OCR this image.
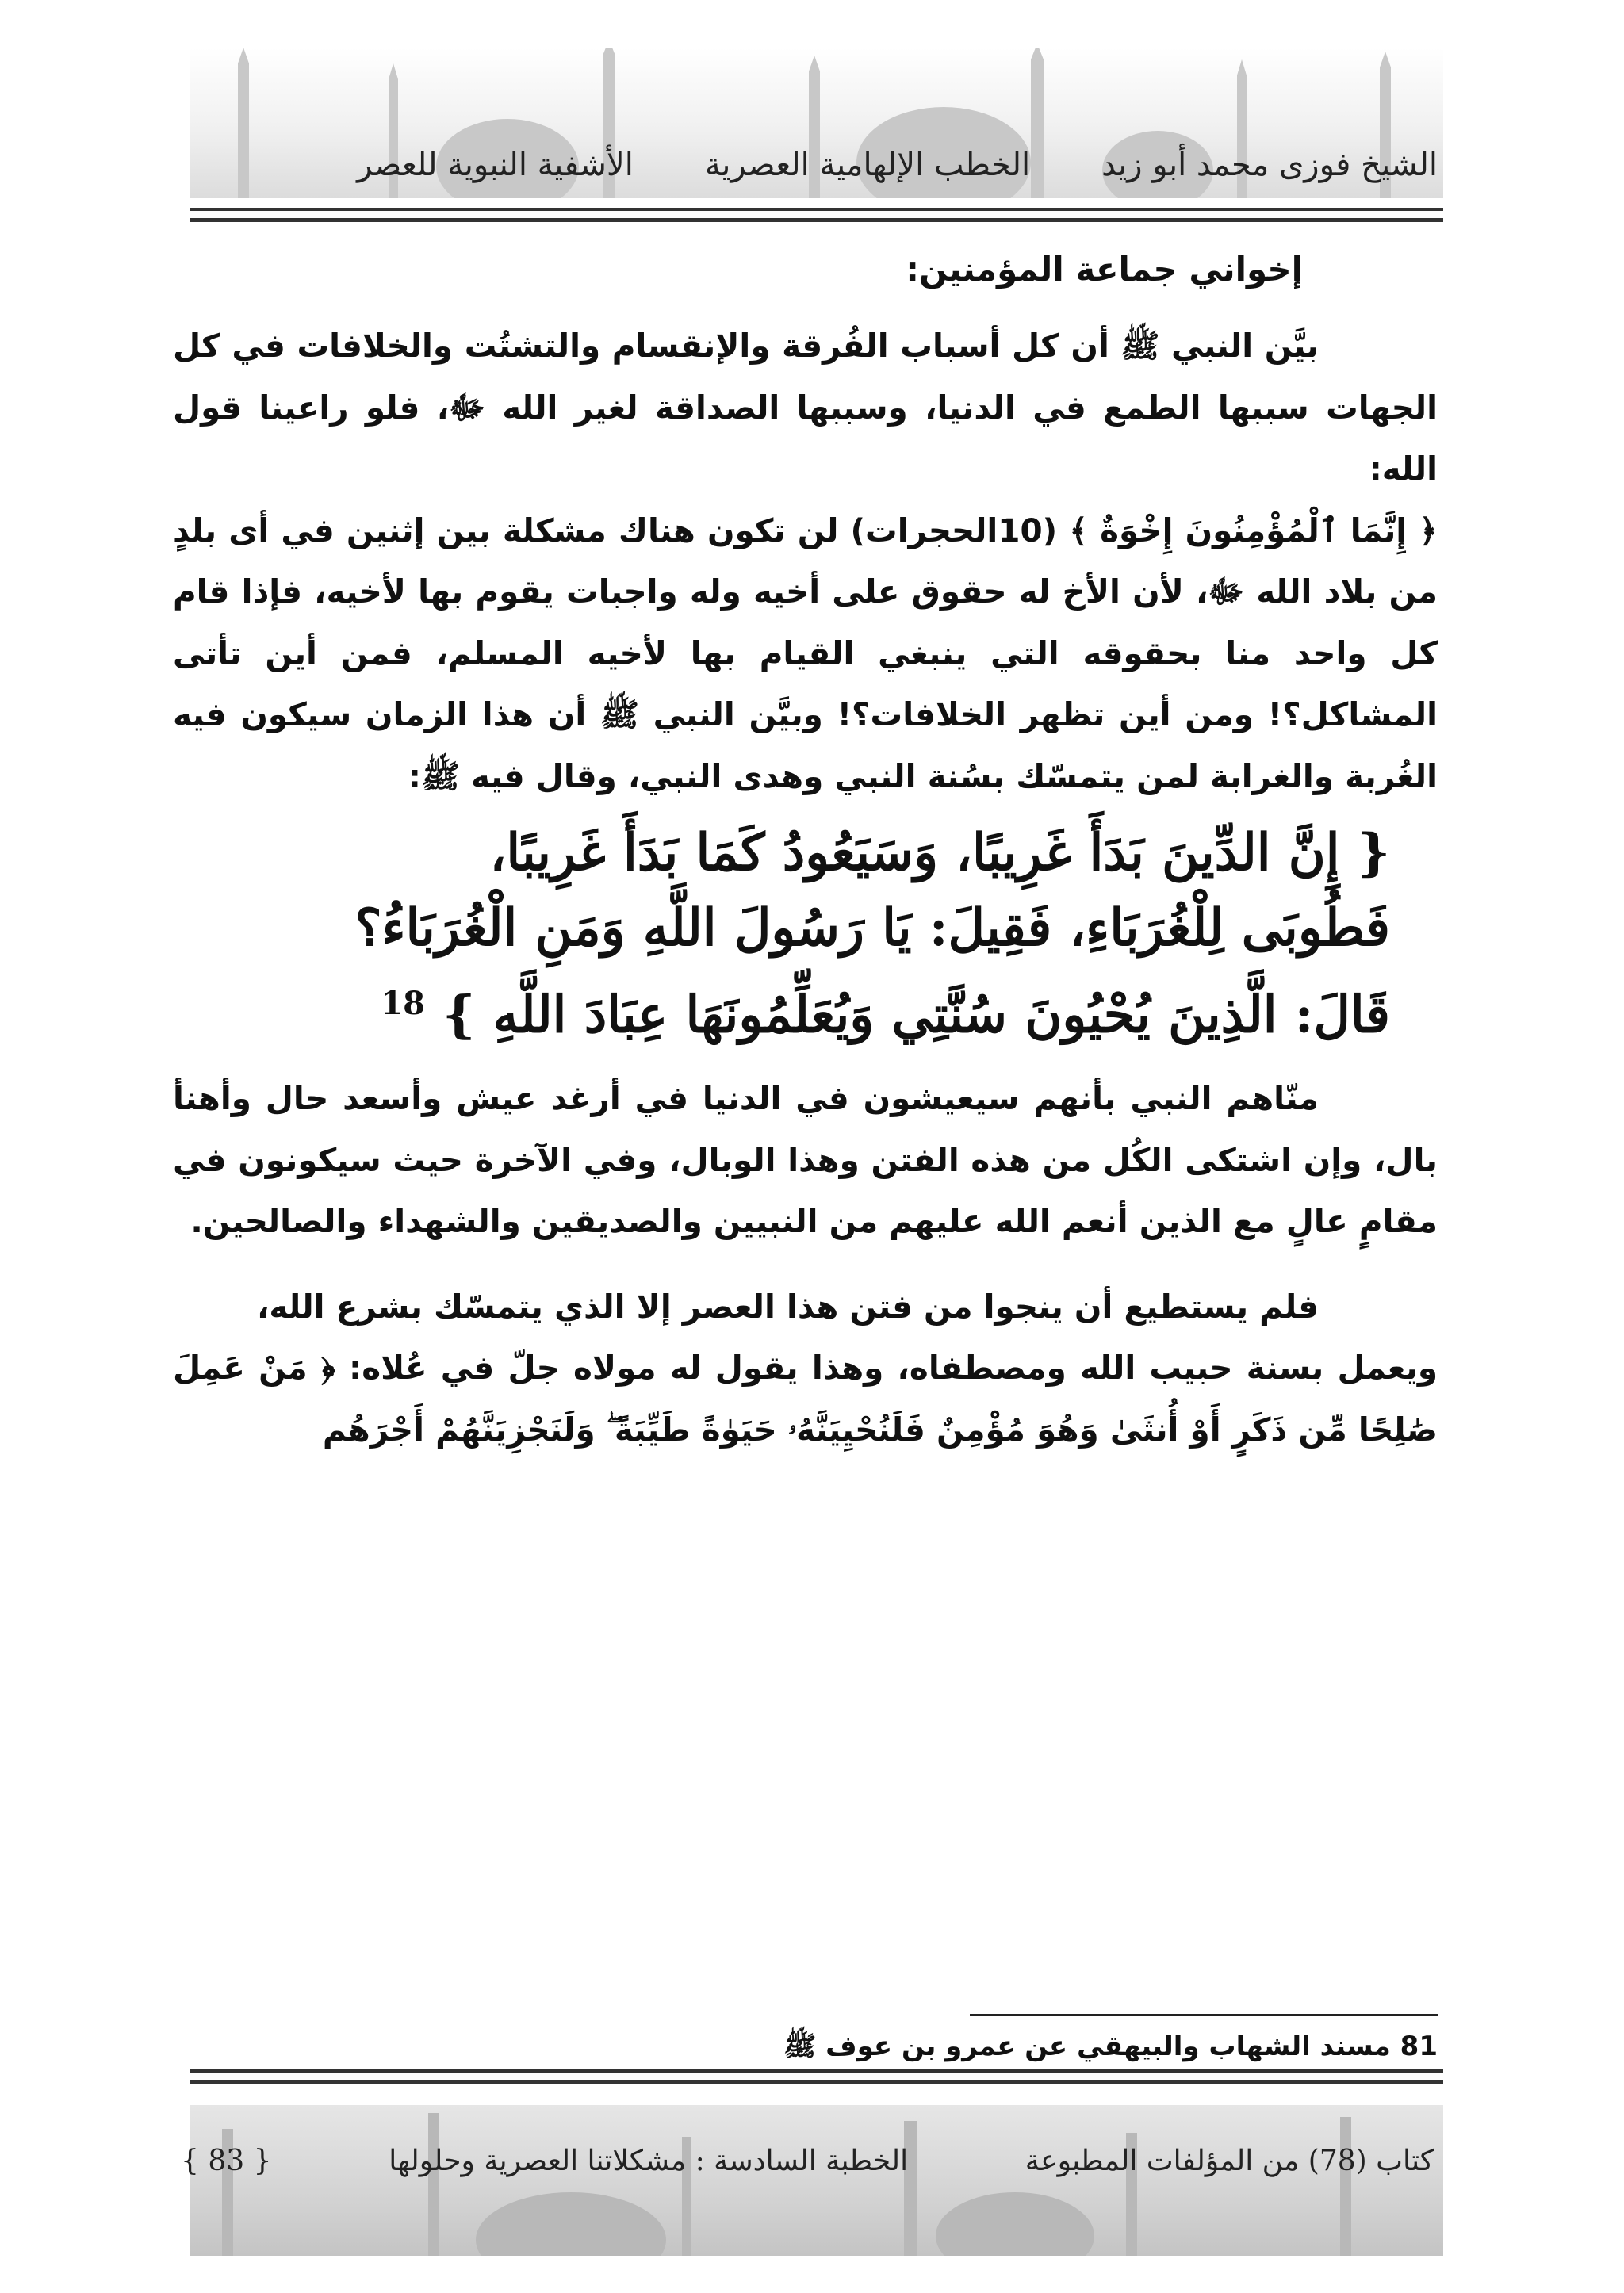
الشيخ فوزى محمد أبو زيد
الخطب الإلهامية العصرية
الأشفية النبوية للعصر

إخواني جماعة المؤمنين:

بيَّن النبي ﷺ أن كل أسباب الفُرقة والإنقسام والتشتُت والخلافات في كل الجهات سببها الطمع في الدنيا، وسببها الصداقة لغير الله ﷻ، فلو راعينا قول الله:

﴿ إِنَّمَا ٱلْمُؤْمِنُونَ إِخْوَةٌ ﴾ (10الحجرات) لن تكون هناك مشكلة بين إثنين في أى بلدٍ من بلاد الله ﷻ، لأن الأخ له حقوق على أخيه وله واجبات يقوم بها لأخيه، فإذا قام كل واحد منا بحقوقه التي ينبغي القيام بها لأخيه المسلم، فمن أين تأتى المشاكل؟! ومن أين تظهر الخلافات؟! وبيَّن النبي ﷺ أن هذا الزمان سيكون فيه الغُربة والغرابة لمن يتمسّك بسُنة النبي وهدى النبي، وقال فيه ﷺ:

{ إِنَّ الدِّينَ بَدَأَ غَرِيبًا، وَسَيَعُودُ كَمَا بَدَأَ غَرِيبًا،
فَطُوبَى لِلْغُرَبَاءِ، فَقِيلَ: يَا رَسُولَ اللَّهِ وَمَنِ الْغُرَبَاءُ؟
قَالَ: الَّذِينَ يُحْيُونَ سُنَّتِي وَيُعَلِّمُونَهَا عِبَادَ اللَّهِ } $^{18}$

منّاهم النبي بأنهم سيعيشون في الدنيا في أرغد عيش وأسعد حال وأهنأ بال، وإن اشتكى الكُل من هذه الفتن وهذا الوبال، وفي الآخرة حيث سيكونون في مقامٍ عالٍ مع الذين أنعم الله عليهم من النبيين والصديقين والشهداء والصالحين.

فلم يستطيع أن ينجوا من فتن هذا العصر إلا الذي يتمسّك بشرع الله،

ويعمل بسنة حبيب الله ومصطفاه، وهذا يقول له مولاه جلّ في عُلاه: ﴿ مَنْ عَمِلَ صَٰلِحًا مِّن ذَكَرٍ أَوْ أُنثَىٰ وَهُوَ مُؤْمِنٌ فَلَنُحْيِيَنَّهُۥ حَيَوٰةً طَيِّبَةً ۖ وَلَنَجْزِيَنَّهُمْ أَجْرَهُم

81 مسند الشهاب والبيهقي عن عمرو بن عوف ﷺ
كتاب (78) من المؤلفات المطبوعة
الخطبة السادسة : مشكلاتنا العصرية وحلولها
{ 83 }
